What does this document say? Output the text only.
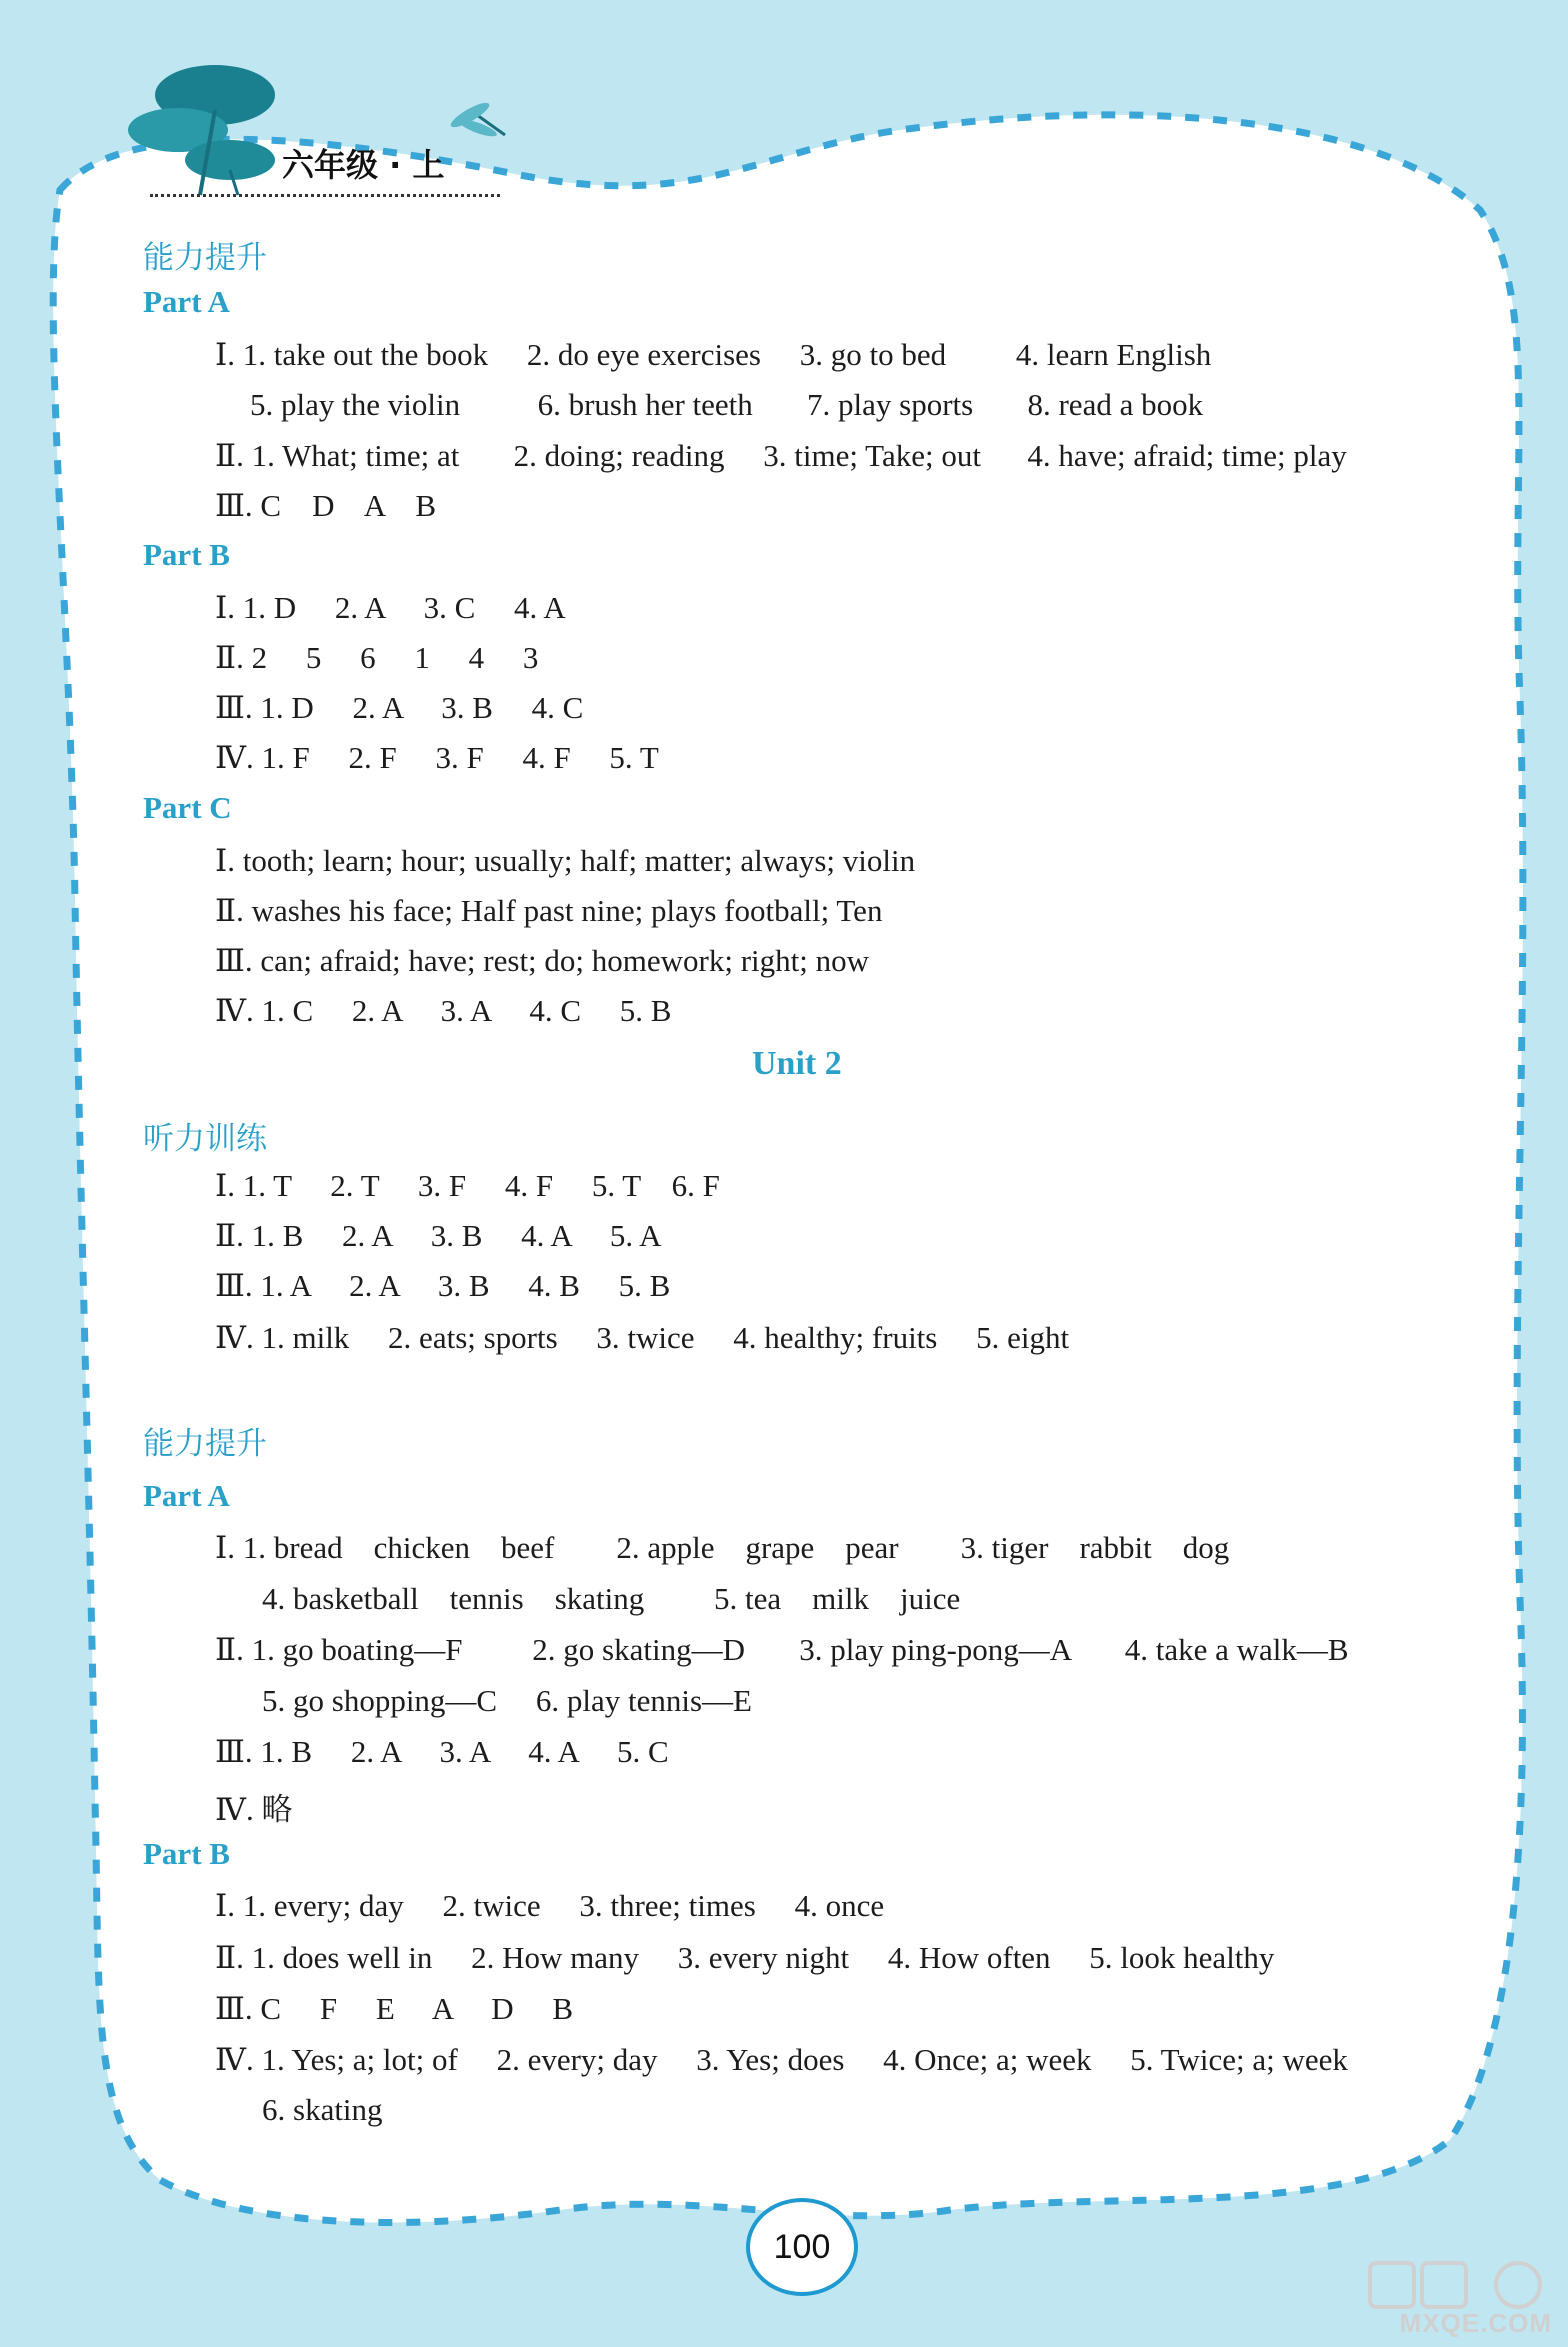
六年级 · 上
能力提升
Part A
Ⅰ. 1. take out the book     2. do eye exercises     3. go to bed         4. learn English
5. play the violin          6. brush her teeth       7. play sports       8. read a book
Ⅱ. 1. What; time; at       2. doing; reading     3. time; Take; out      4. have; afraid; time; play
Ⅲ. C    D    A    B
Part B
Ⅰ. 1. D     2. A     3. C     4. A
Ⅱ. 2     5     6     1     4     3
Ⅲ. 1. D     2. A     3. B     4. C
Ⅳ. 1. F     2. F     3. F     4. F     5. T
Part C
Ⅰ. tooth; learn; hour; usually; half; matter; always; violin
Ⅱ. washes his face; Half past nine; plays football; Ten
Ⅲ. can; afraid; have; rest; do; homework; right; now
Ⅳ. 1. C     2. A     3. A     4. C     5. B
Unit 2
听力训练
Ⅰ. 1. T     2. T     3. F     4. F     5. T    6. F
Ⅱ. 1. B     2. A     3. B     4. A     5. A
Ⅲ. 1. A     2. A     3. B     4. B     5. B
Ⅳ. 1. milk     2. eats; sports     3. twice     4. healthy; fruits     5. eight
能力提升
Part A
Ⅰ. 1. bread    chicken    beef        2. apple    grape    pear        3. tiger    rabbit    dog
4. basketball    tennis    skating         5. tea    milk    juice
Ⅱ. 1. go boating—F         2. go skating—D       3. play ping-pong—A       4. take a walk—B
5. go shopping—C     6. play tennis—E
Ⅲ. 1. B     2. A     3. A     4. A     5. C
Ⅳ. 略
Part B
Ⅰ. 1. every; day     2. twice     3. three; times     4. once
Ⅱ. 1. does well in     2. How many     3. every night     4. How often     5. look healthy
Ⅲ. C     F     E     A     D     B
Ⅳ. 1. Yes; a; lot; of     2. every; day     3. Yes; does     4. Once; a; week     5. Twice; a; week
6. skating
100
MXQE.COM
